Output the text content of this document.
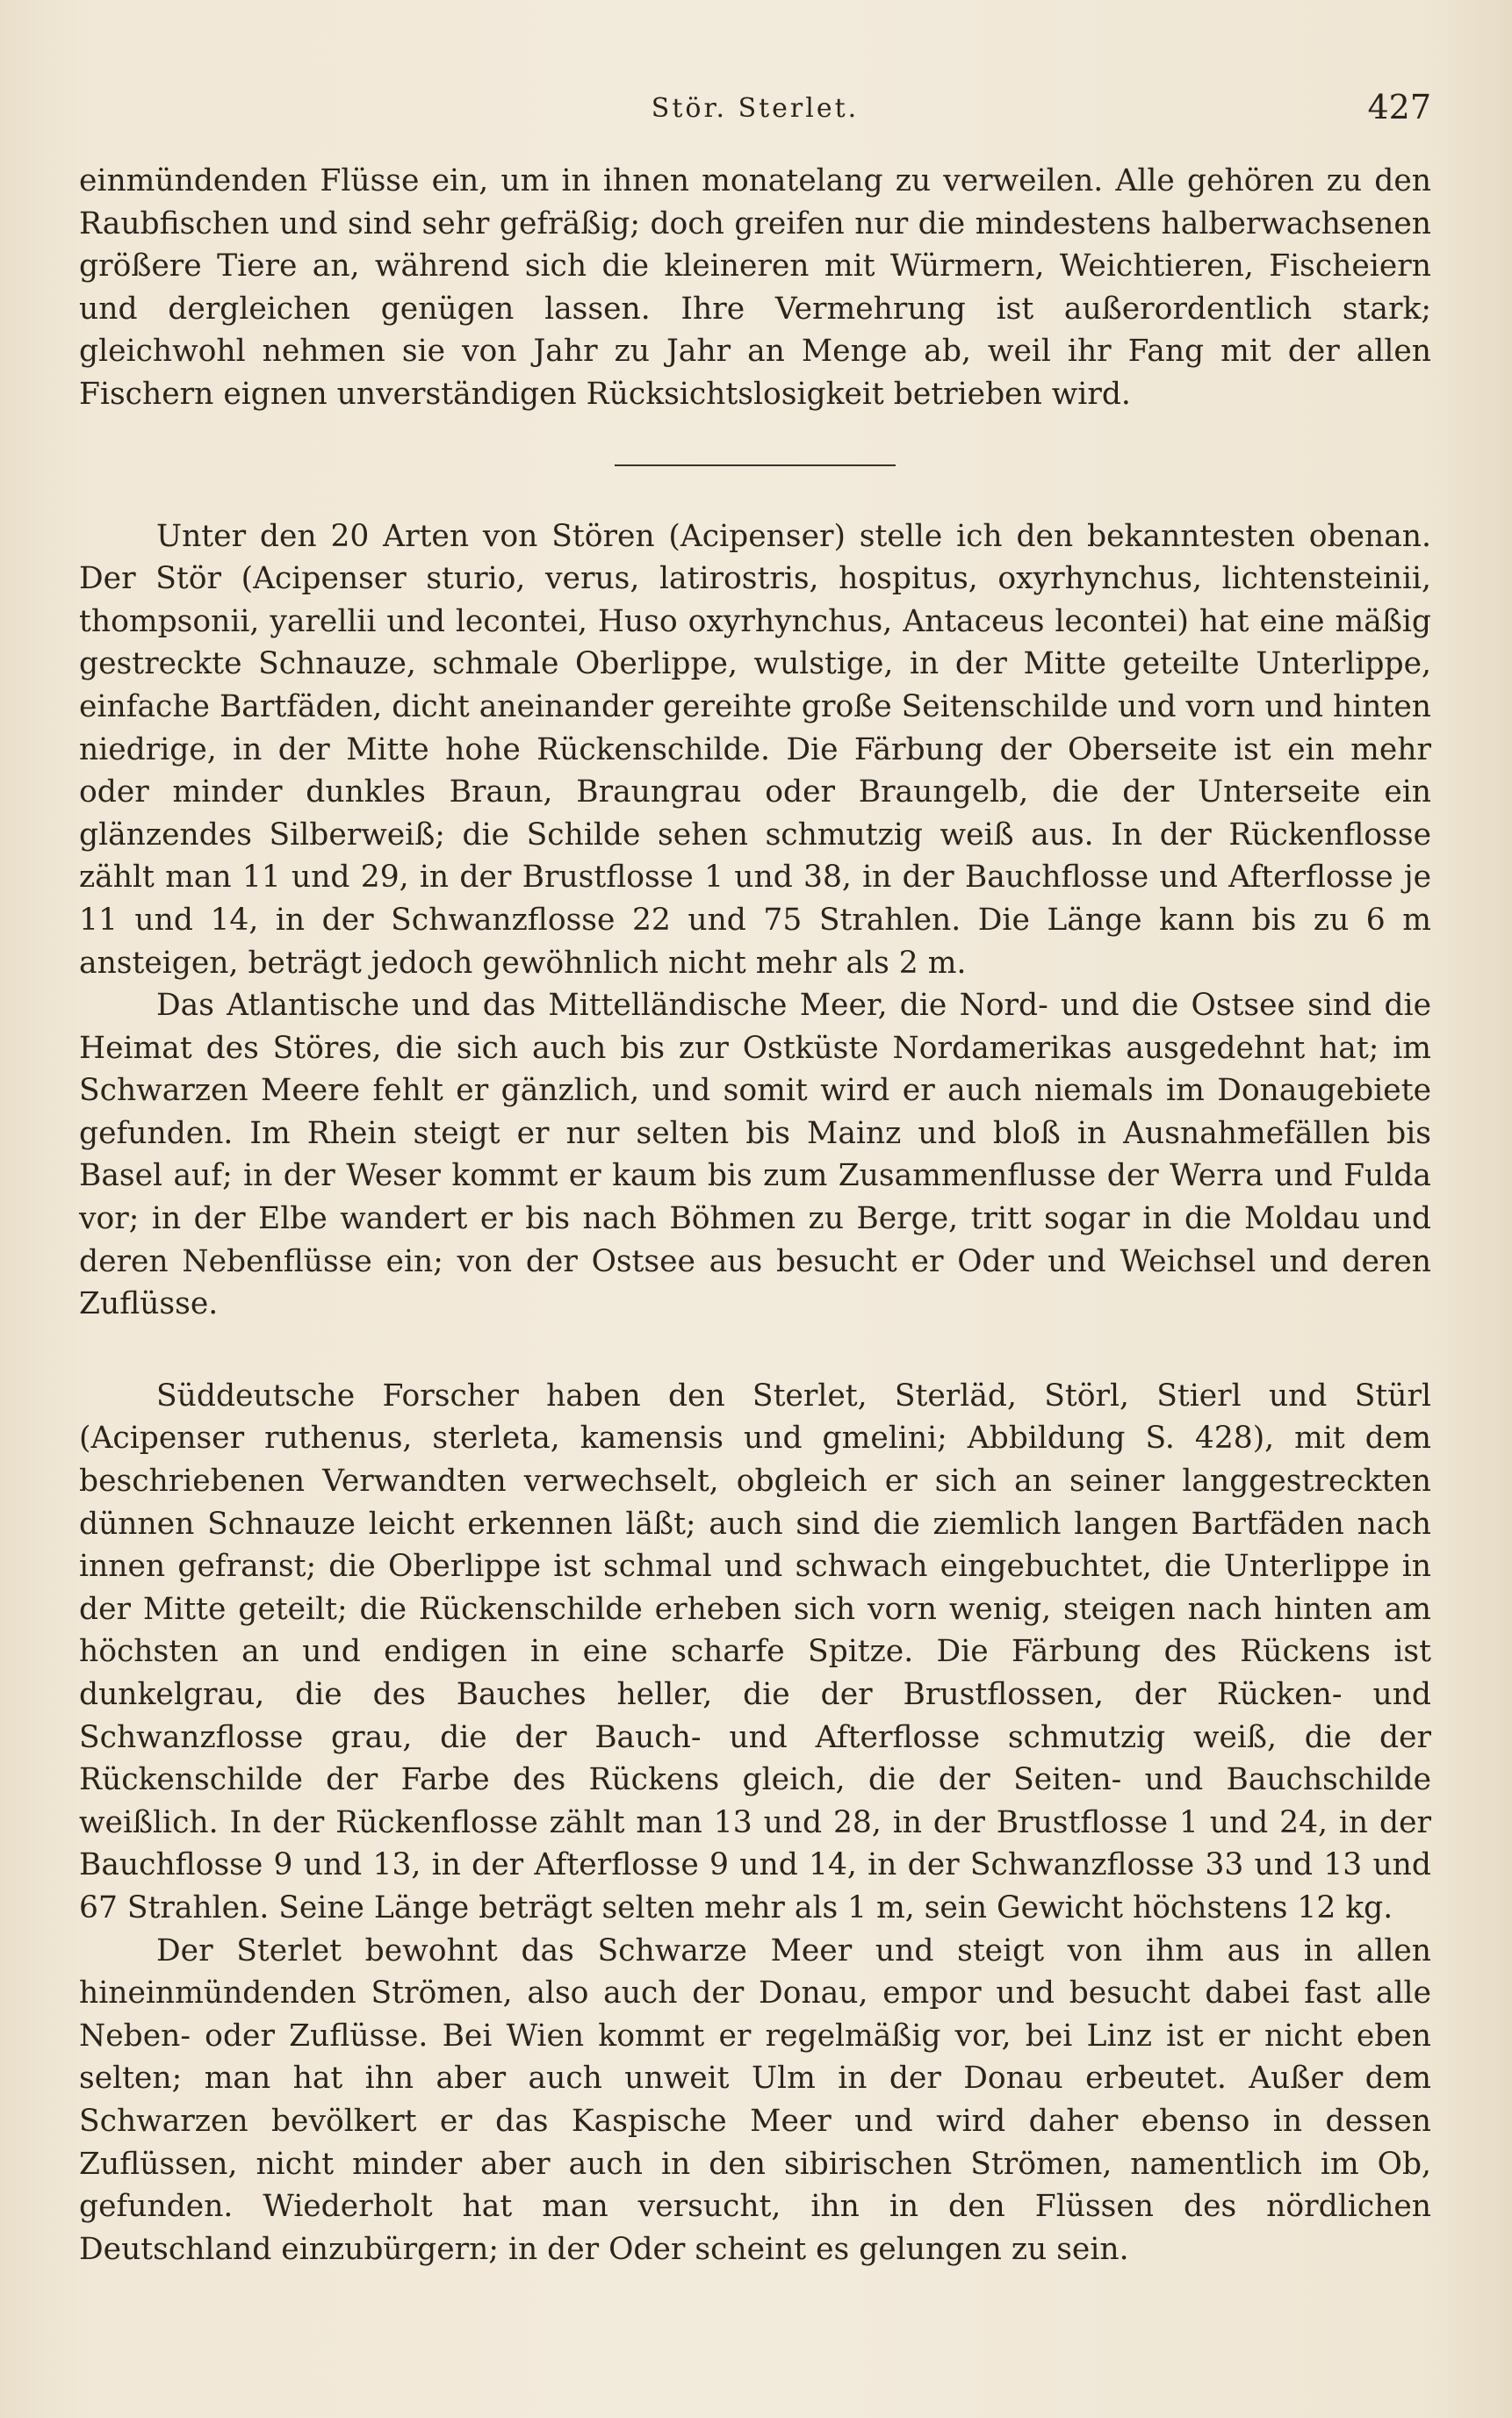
Stör. Sterlet.	427

einmündenden Flüsse ein, um in ihnen monatelang zu verweilen. Alle gehören zu den Raubfischen und sind sehr gefräßig; doch greifen nur die mindestens halberwachsenen größere Tiere an, während sich die kleineren mit Würmern, Weichtieren, Fischeiern und dergleichen genügen lassen. Ihre Vermehrung ist außerordentlich stark; gleichwohl nehmen sie von Jahr zu Jahr an Menge ab, weil ihr Fang mit der allen Fischern eignen unverständigen Rücksichtslosigkeit betrieben wird.

Unter den 20 Arten von Stören (Acipenser) stelle ich den bekanntesten obenan. Der Stör (Acipenser sturio, verus, latirostris, hospitus, oxyrhynchus, lichtensteinii, thompsonii, yarellii und lecontei, Huso oxyrhynchus, Antaceus lecontei) hat eine mäßig gestreckte Schnauze, schmale Oberlippe, wulstige, in der Mitte geteilte Unterlippe, einfache Bartfäden, dicht aneinander gereihte große Seitenschilde und vorn und hinten niedrige, in der Mitte hohe Rückenschilde. Die Färbung der Oberseite ist ein mehr oder minder dunkles Braun, Braungrau oder Braungelb, die der Unterseite ein glänzendes Silberweiß; die Schilde sehen schmutzig weiß aus. In der Rückenflosse zählt man 11 und 29, in der Brustflosse 1 und 38, in der Bauchflosse und Afterflosse je 11 und 14, in der Schwanzflosse 22 und 75 Strahlen. Die Länge kann bis zu 6 m ansteigen, beträgt jedoch gewöhnlich nicht mehr als 2 m.

Das Atlantische und das Mittelländische Meer, die Nord- und die Ostsee sind die Heimat des Störes, die sich auch bis zur Ostküste Nordamerikas ausgedehnt hat; im Schwarzen Meere fehlt er gänzlich, und somit wird er auch niemals im Donaugebiete gefunden. Im Rhein steigt er nur selten bis Mainz und bloß in Ausnahmefällen bis Basel auf; in der Weser kommt er kaum bis zum Zusammenflusse der Werra und Fulda vor; in der Elbe wandert er bis nach Böhmen zu Berge, tritt sogar in die Moldau und deren Nebenflüsse ein; von der Ostsee aus besucht er Oder und Weichsel und deren Zuflüsse.

Süddeutsche Forscher haben den Sterlet, Sterläd, Störl, Stierl und Stürl (Acipenser ruthenus, sterleta, kamensis und gmelini; Abbildung S. 428), mit dem beschriebenen Verwandten verwechselt, obgleich er sich an seiner langgestreckten dünnen Schnauze leicht erkennen läßt; auch sind die ziemlich langen Bartfäden nach innen gefranst; die Oberlippe ist schmal und schwach eingebuchtet, die Unterlippe in der Mitte geteilt; die Rückenschilde erheben sich vorn wenig, steigen nach hinten am höchsten an und endigen in eine scharfe Spitze. Die Färbung des Rückens ist dunkelgrau, die des Bauches heller, die der Brustflossen, der Rücken- und Schwanzflosse grau, die der Bauch- und Afterflosse schmutzig weiß, die der Rückenschilde der Farbe des Rückens gleich, die der Seiten- und Bauchschilde weißlich. In der Rückenflosse zählt man 13 und 28, in der Brustflosse 1 und 24, in der Bauchflosse 9 und 13, in der Afterflosse 9 und 14, in der Schwanzflosse 33 und 13 und 67 Strahlen. Seine Länge beträgt selten mehr als 1 m, sein Gewicht höchstens 12 kg.

Der Sterlet bewohnt das Schwarze Meer und steigt von ihm aus in allen hineinmündenden Strömen, also auch der Donau, empor und besucht dabei fast alle Neben- oder Zuflüsse. Bei Wien kommt er regelmäßig vor, bei Linz ist er nicht eben selten; man hat ihn aber auch unweit Ulm in der Donau erbeutet. Außer dem Schwarzen bevölkert er das Kaspische Meer und wird daher ebenso in dessen Zuflüssen, nicht minder aber auch in den sibirischen Strömen, namentlich im Ob, gefunden. Wiederholt hat man versucht, ihn in den Flüssen des nördlichen Deutschland einzubürgern; in der Oder scheint es gelungen zu sein.
